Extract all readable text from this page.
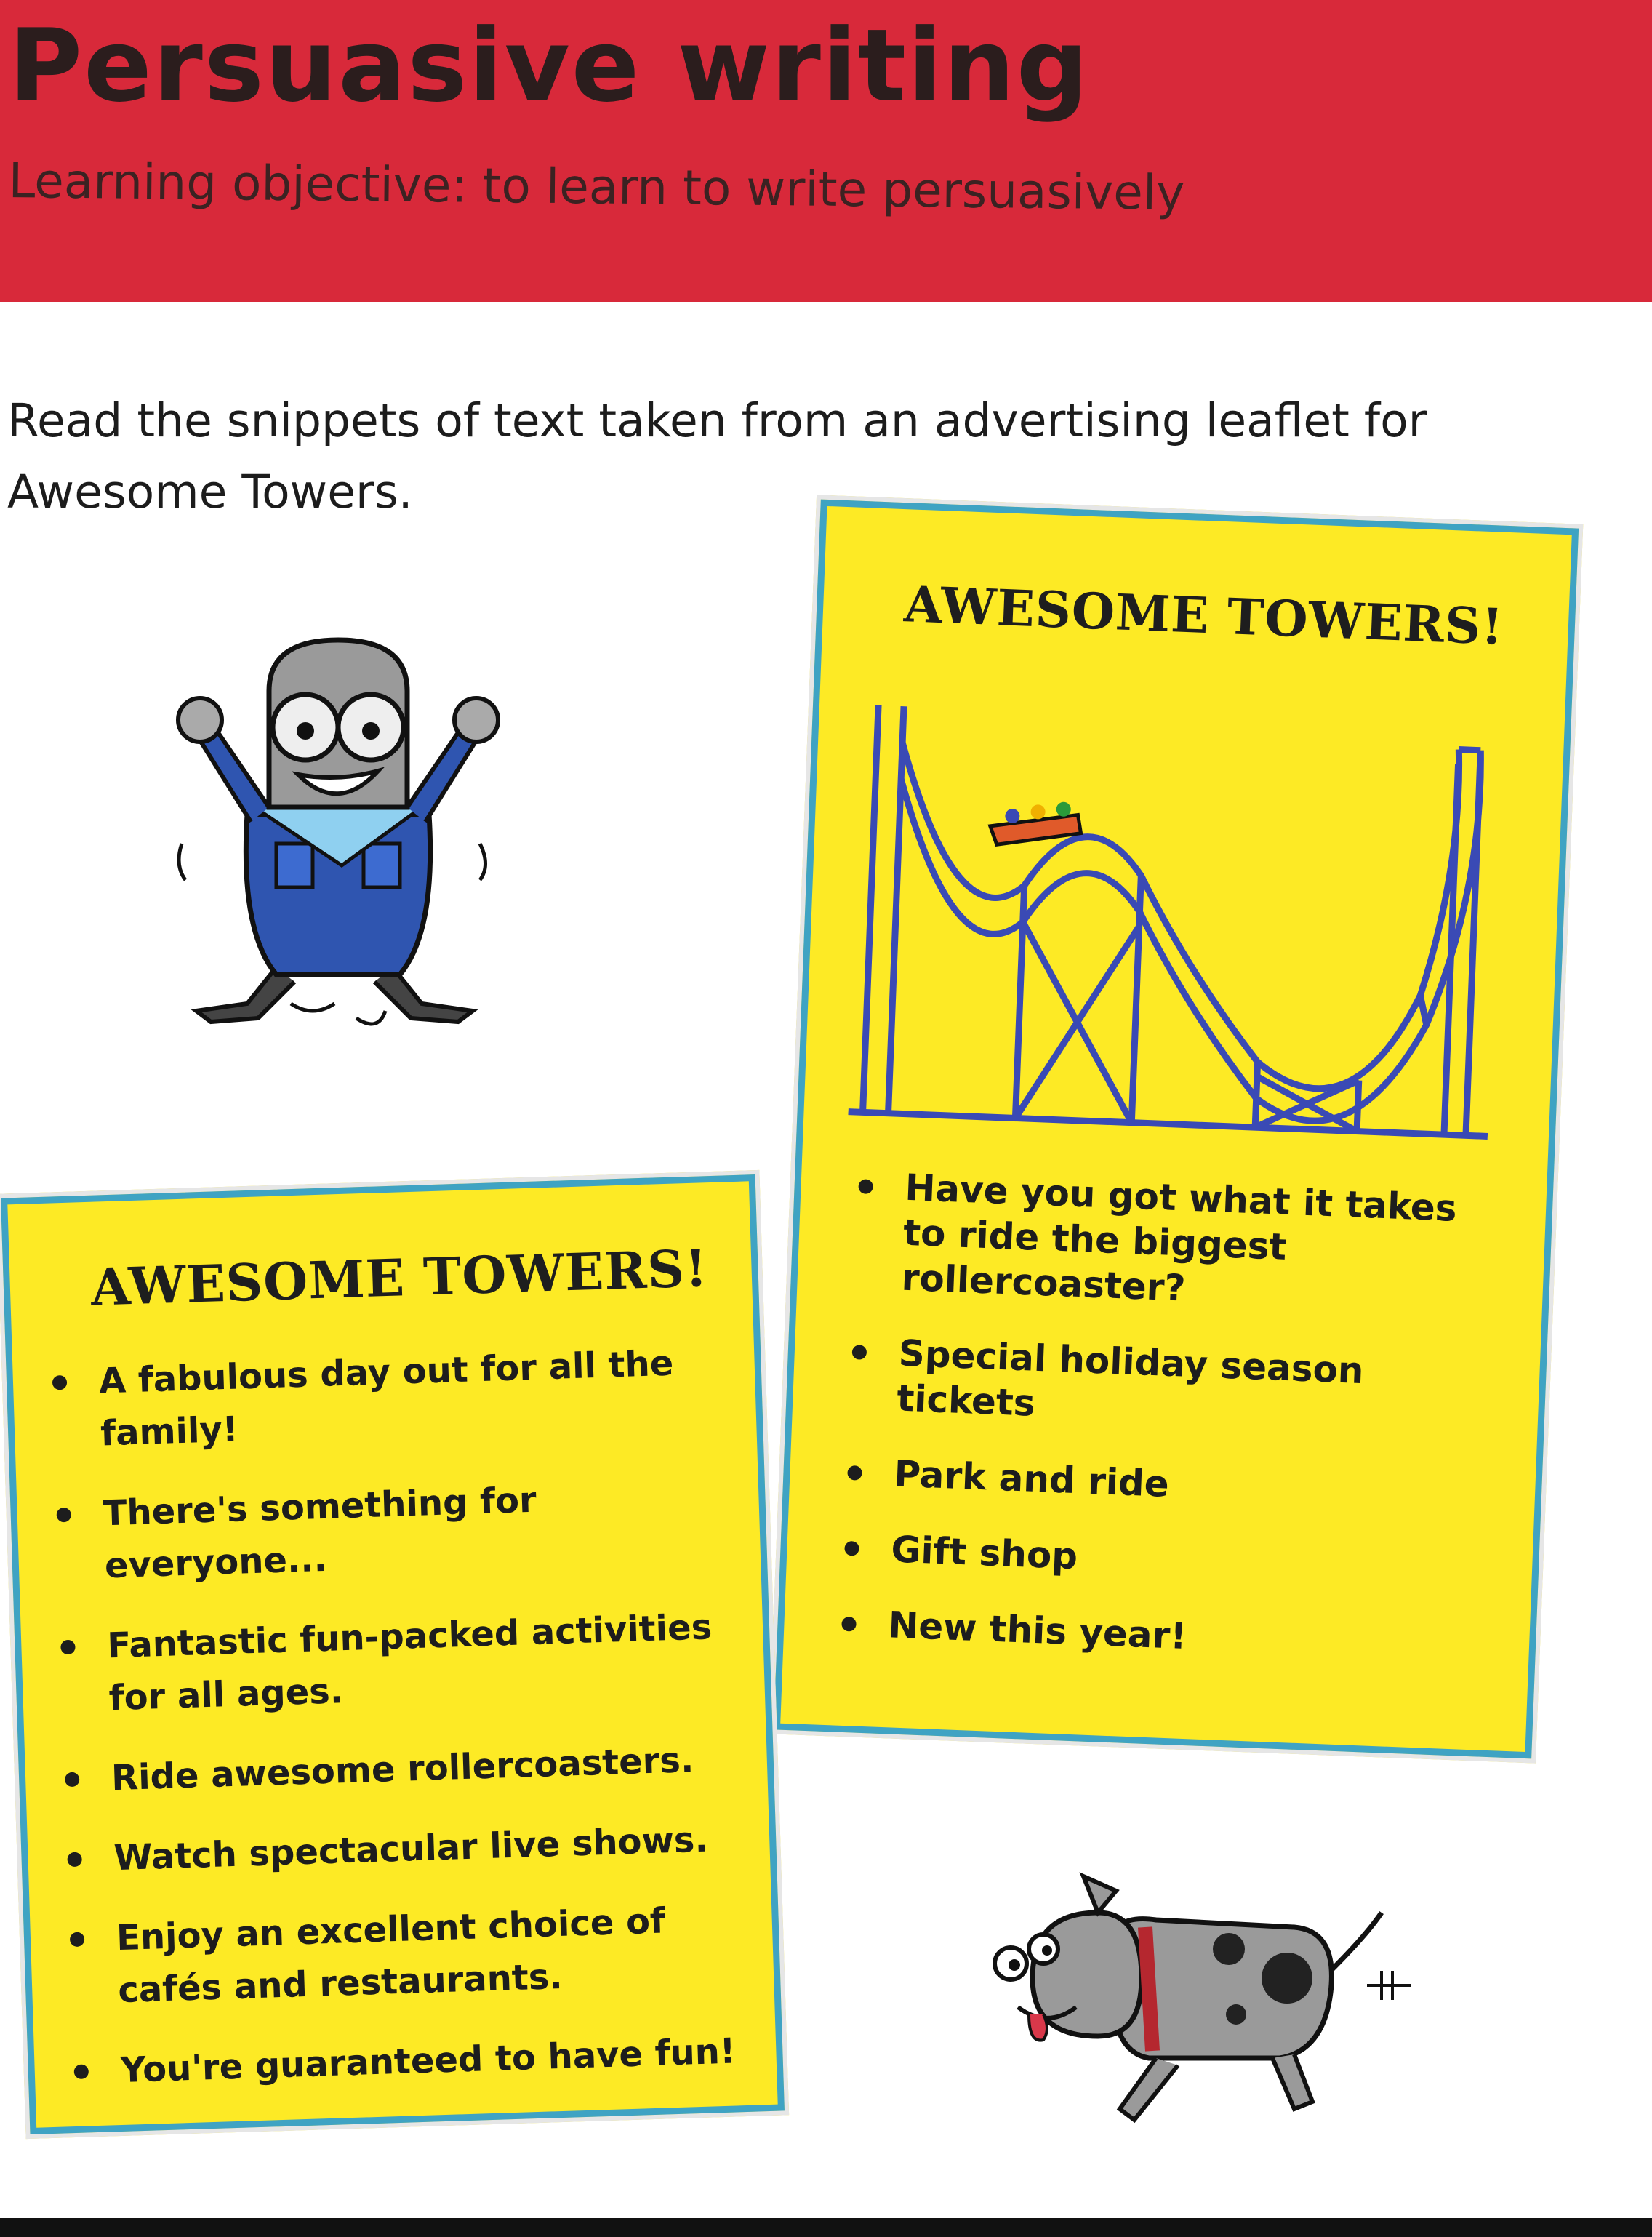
Persuasive writing
Learning objective: to learn to write persuasively

Read the snippets of text taken from an advertising leaflet for Awesome Towers.

AWESOME TOWERS!
Have you got what it takes to ride the biggest rollercoaster?
Special holiday season tickets
Park and ride
Gift shop
New this year!
AWESOME TOWERS!
A fabulous day out for all the family!
There's something for everyone...
Fantastic fun-packed activities for all ages.
Ride awesome rollercoasters.
Watch spectacular live shows.
Enjoy an excellent choice of cafés and restaurants.
You're guaranteed to have fun!
